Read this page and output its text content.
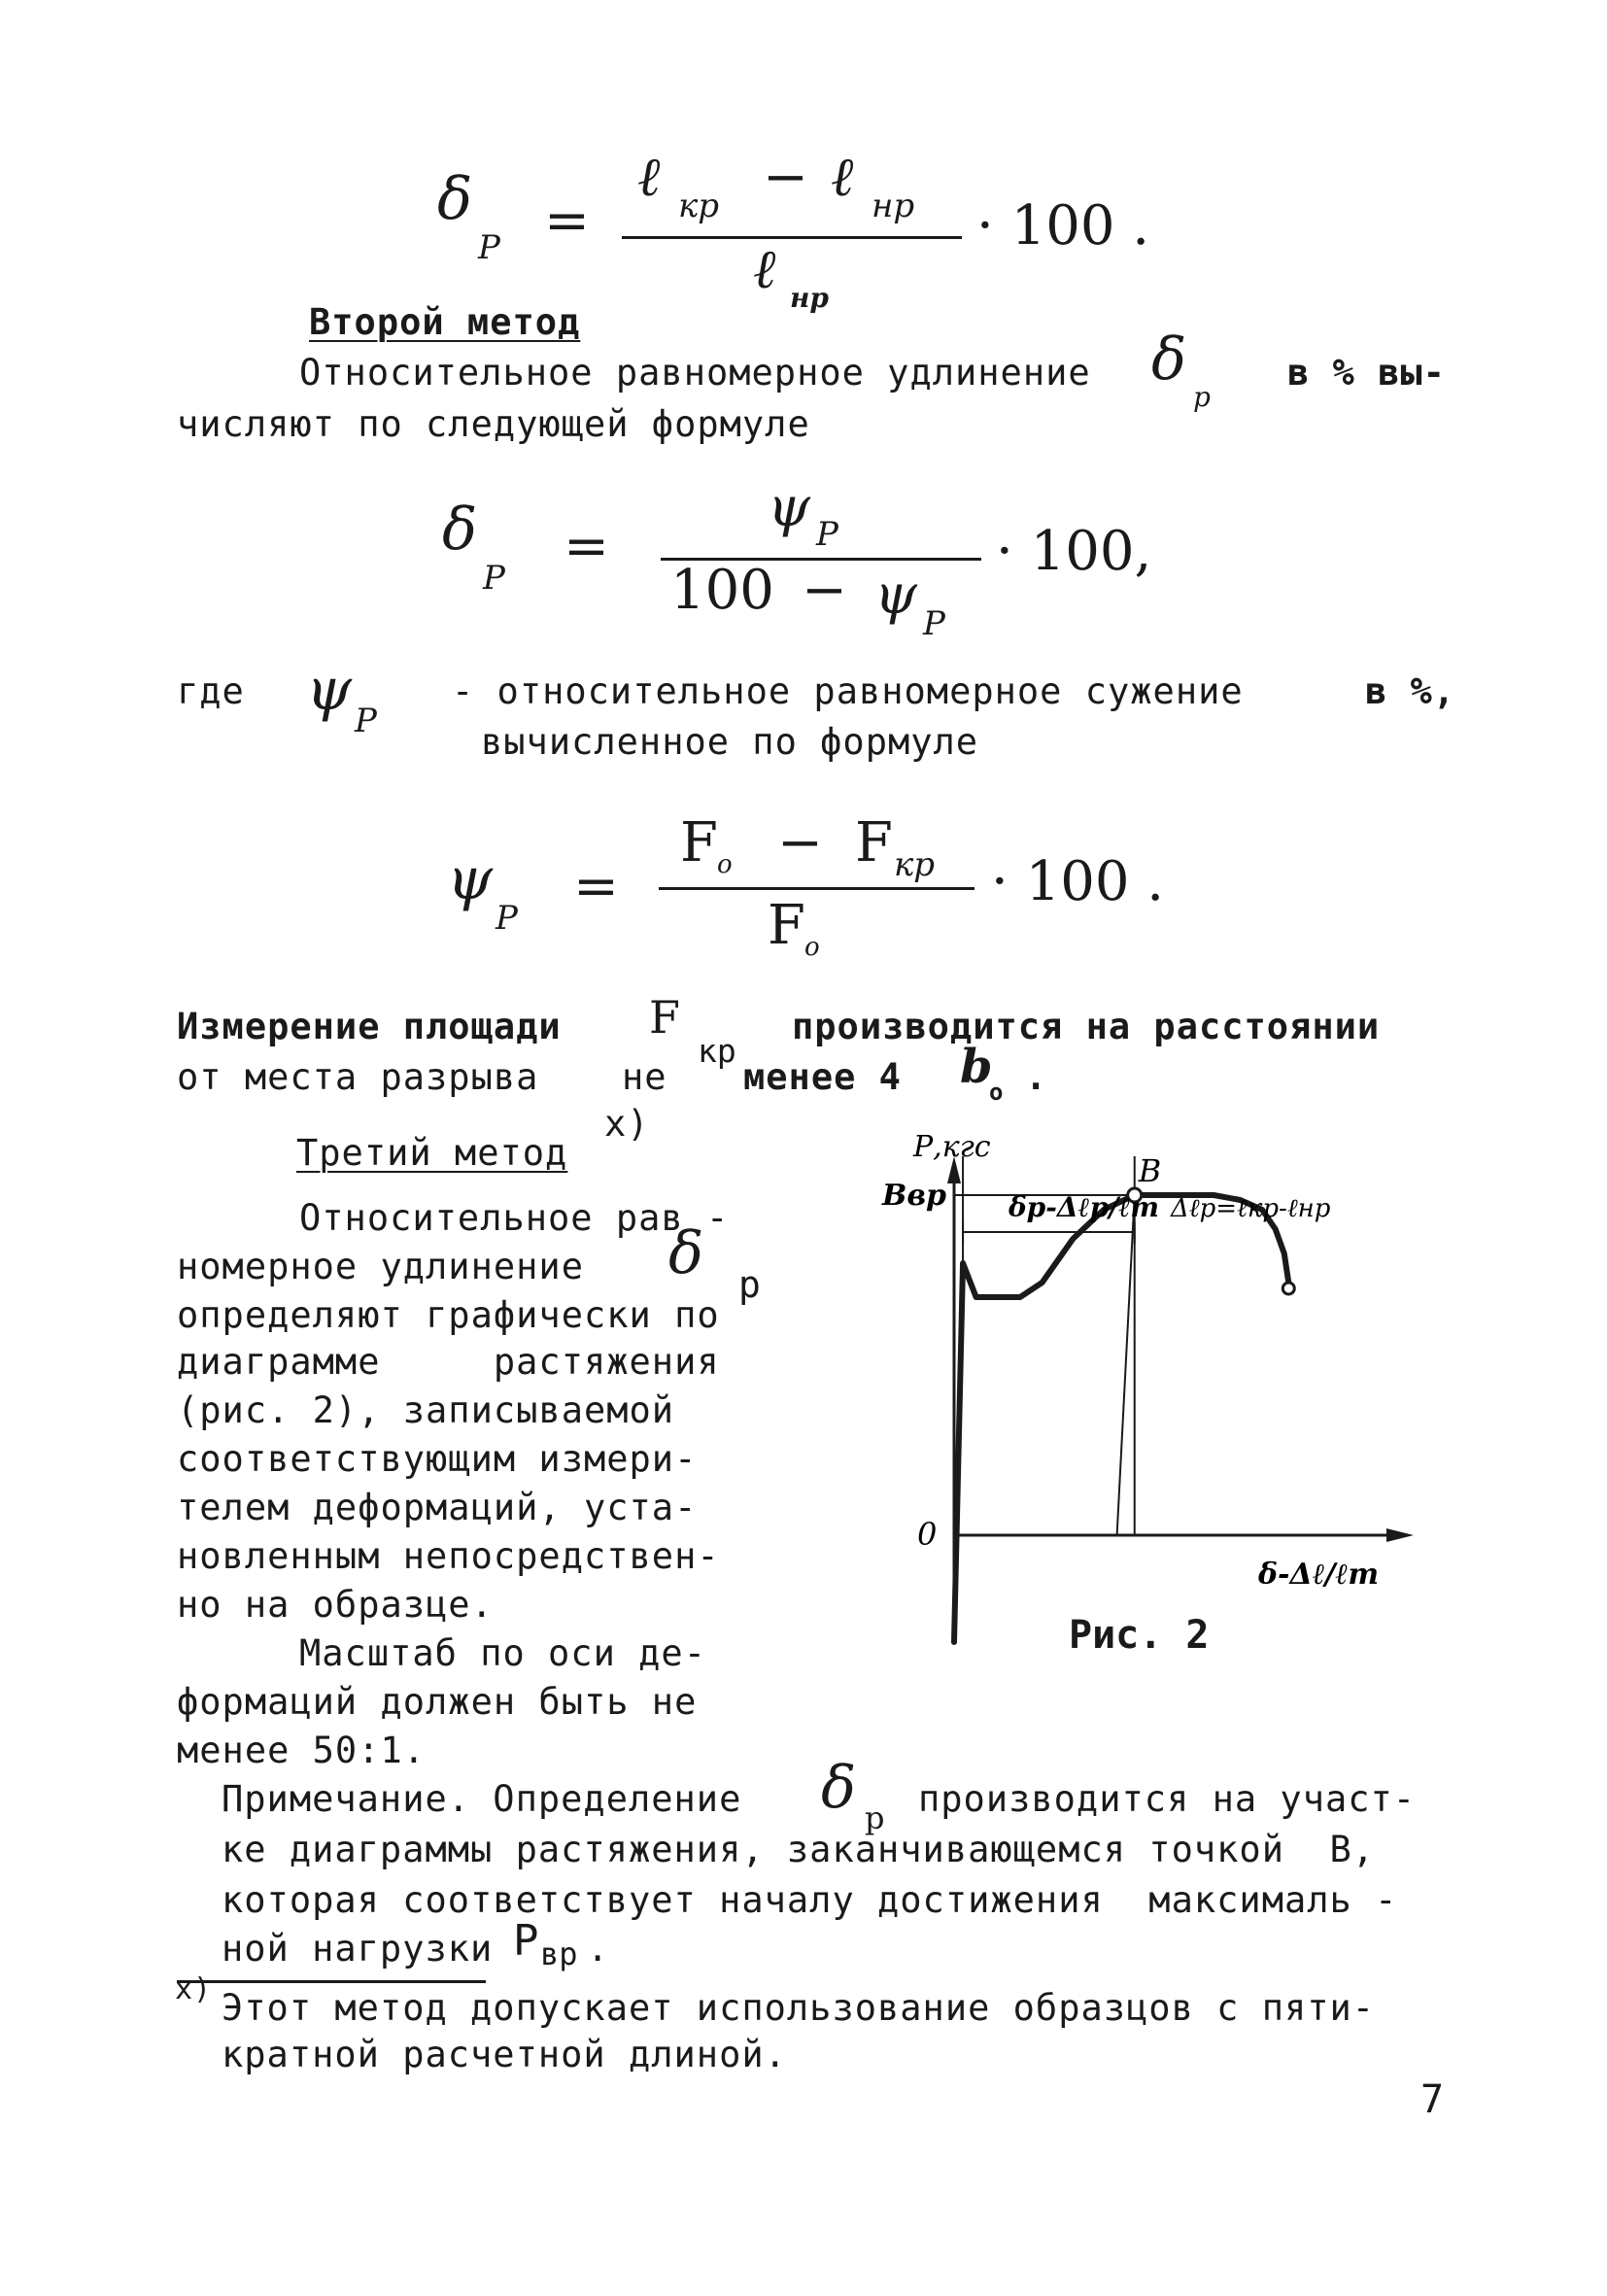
δ
Р =
ℓ кр − ℓ нр
ℓ нр
· 100 .
Второй метод
Относительное равномерное удлинение δ
р
в % вы-
числяют по следующей формуле
δ
Р =
ψ Р
100 − ψ Р
· 100,
где ψ Р
- относительное равномерное сужение	в %,
вычисленное по формуле
ψ
Р =
F о − F кр
F о
· 100 .
Измерение площади F
кр
производится на расстоянии
от места разрыва не менее 4 b
о .
Третий метод
x)
Относительное рав -
номерное удлинение δ р
определяют графически по
диаграмме     растяжения
(рис. 2), записываемой
соответствующим измери-
телем деформаций, уста-
новленным непосредствен-
но на образце.
Масштаб по оси де-
формаций должен быть не
менее 50:1.
Р,кгс
0
δ-Δℓ/ℓт
B
Bвр δр-Δℓр/ℓт Δℓр=ℓкр-ℓнр
Рис. 2
Примечание. Определение δ р производится на участ-
ке диаграммы растяжения, заканчивающемся точкой  В,
которая соответствует началу достижения  максималь -
ной нагрузки P вр .
x) Этот метод допускает использование образцов с пяти-
кратной расчетной длиной.
7
